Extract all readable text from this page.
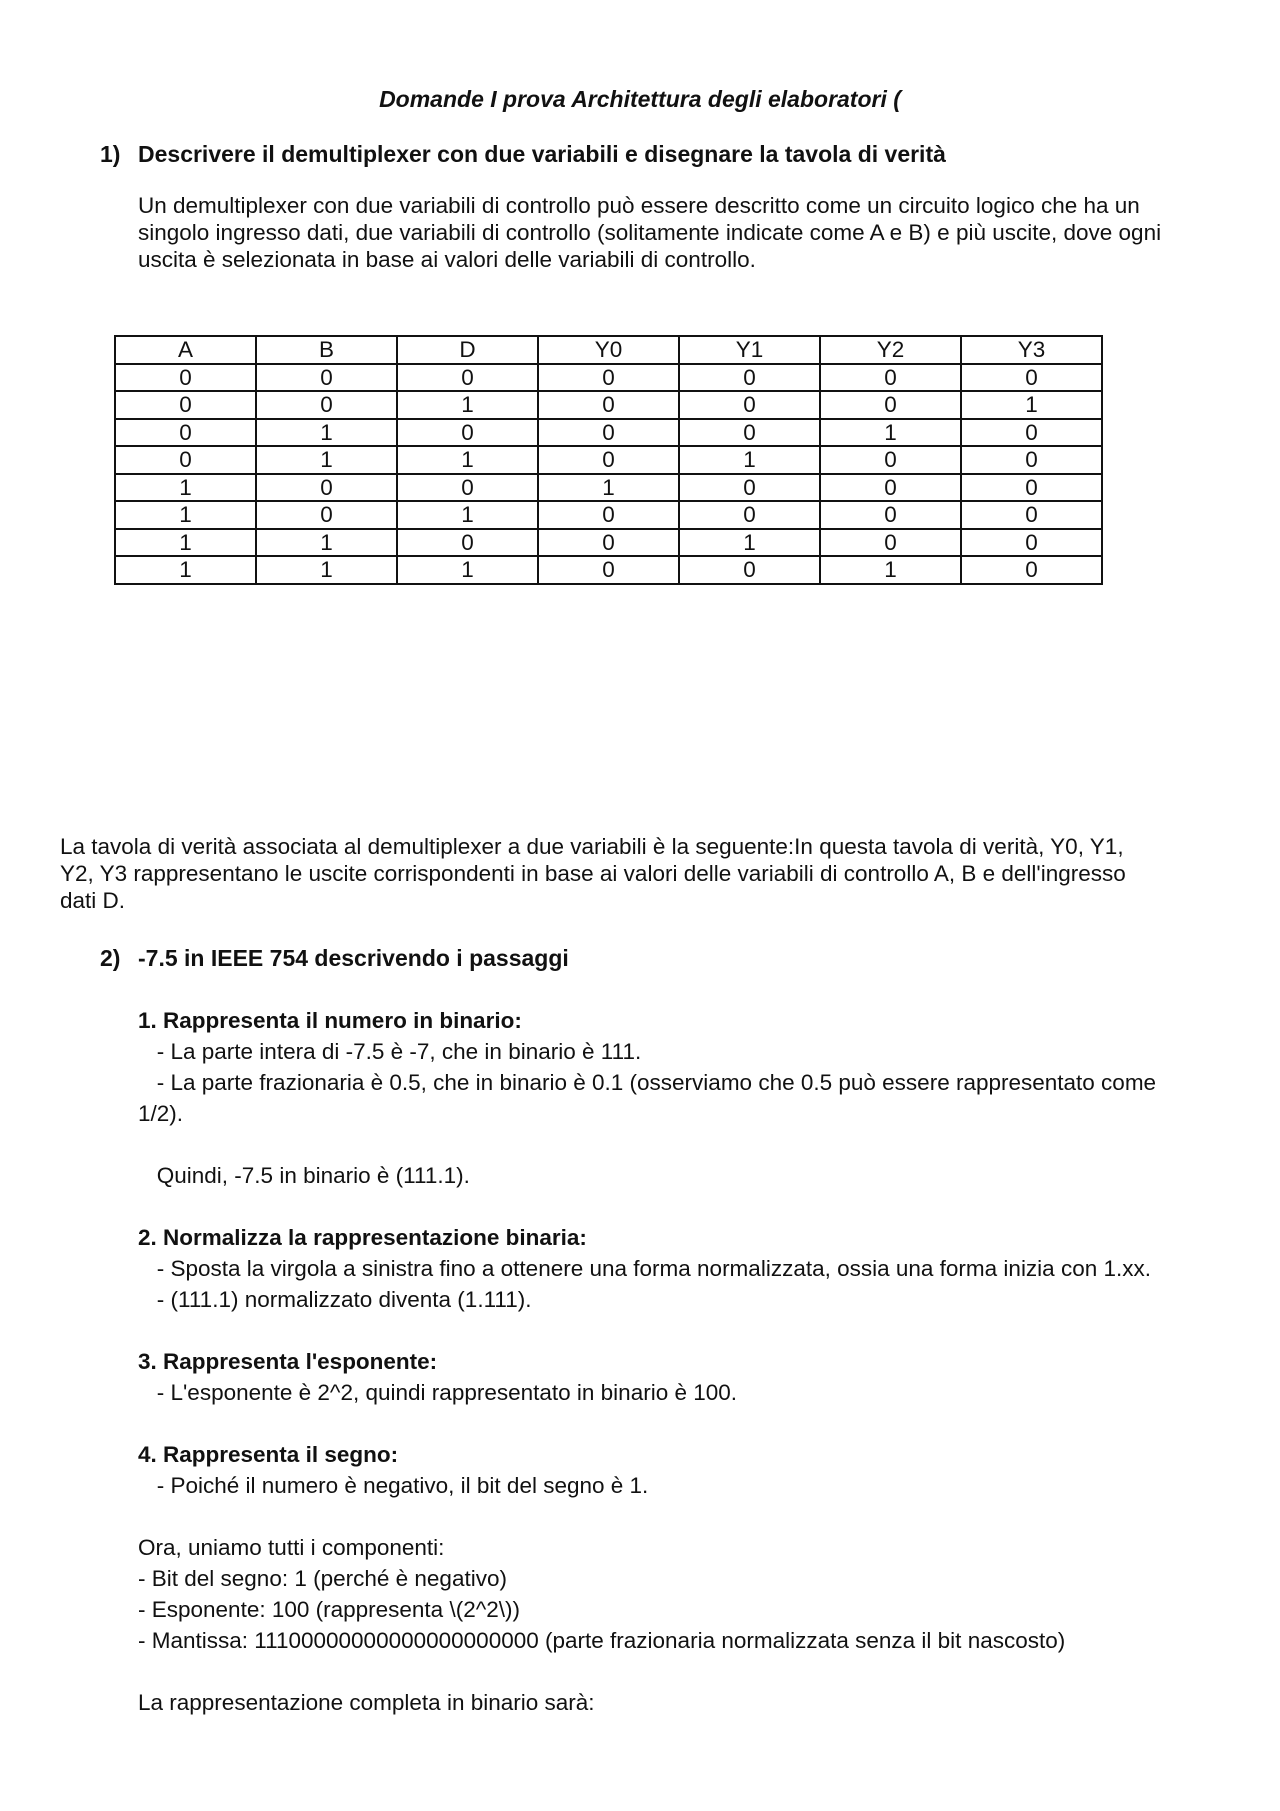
Domande I prova Architettura degli elaboratori (
1) Descrivere il demultiplexer con due variabili e disegnare la tavola di verità
Un demultiplexer con due variabili di controllo può essere descritto come un circuito logico che ha un
singolo ingresso dati, due variabili di controllo (solitamente indicate come A e B) e più uscite, dove ogni
uscita è selezionata in base ai valori delle variabili di controllo.
A	B	D	Y0	Y1	Y2	Y3
0	0	0	0	0	0	0
0	0	1	0	0	0	1
0	1	0	0	0	1	0
0	1	1	0	1	0	0
1	0	0	1	0	0	0
1	0	1	0	0	0	0
1	1	0	0	1	0	0
1	1	1	0	0	1	0
La tavola di verità associata al demultiplexer a due variabili è la seguente:In questa tavola di verità, Y0, Y1,
Y2, Y3 rappresentano le uscite corrispondenti in base ai valori delle variabili di controllo A, B e dell'ingresso
dati D.
2) -7.5 in IEEE 754 descrivendo i passaggi
1. Rappresenta il numero in binario:
- La parte intera di -7.5 è -7, che in binario è 111.
- La parte frazionaria è 0.5, che in binario è 0.1 (osserviamo che 0.5 può essere rappresentato come
1/2).
Quindi, -7.5 in binario è (111.1).
2. Normalizza la rappresentazione binaria:
- Sposta la virgola a sinistra fino a ottenere una forma normalizzata, ossia una forma inizia con 1.xx.
- (111.1) normalizzato diventa (1.111).
3. Rappresenta l'esponente:
- L'esponente è 2^2, quindi rappresentato in binario è 100.
4. Rappresenta il segno:
- Poiché il numero è negativo, il bit del segno è 1.
Ora, uniamo tutti i componenti:
- Bit del segno: 1 (perché è negativo)
- Esponente: 100 (rappresenta \(2^2\))
- Mantissa: 11100000000000000000000 (parte frazionaria normalizzata senza il bit nascosto)
La rappresentazione completa in binario sarà:
